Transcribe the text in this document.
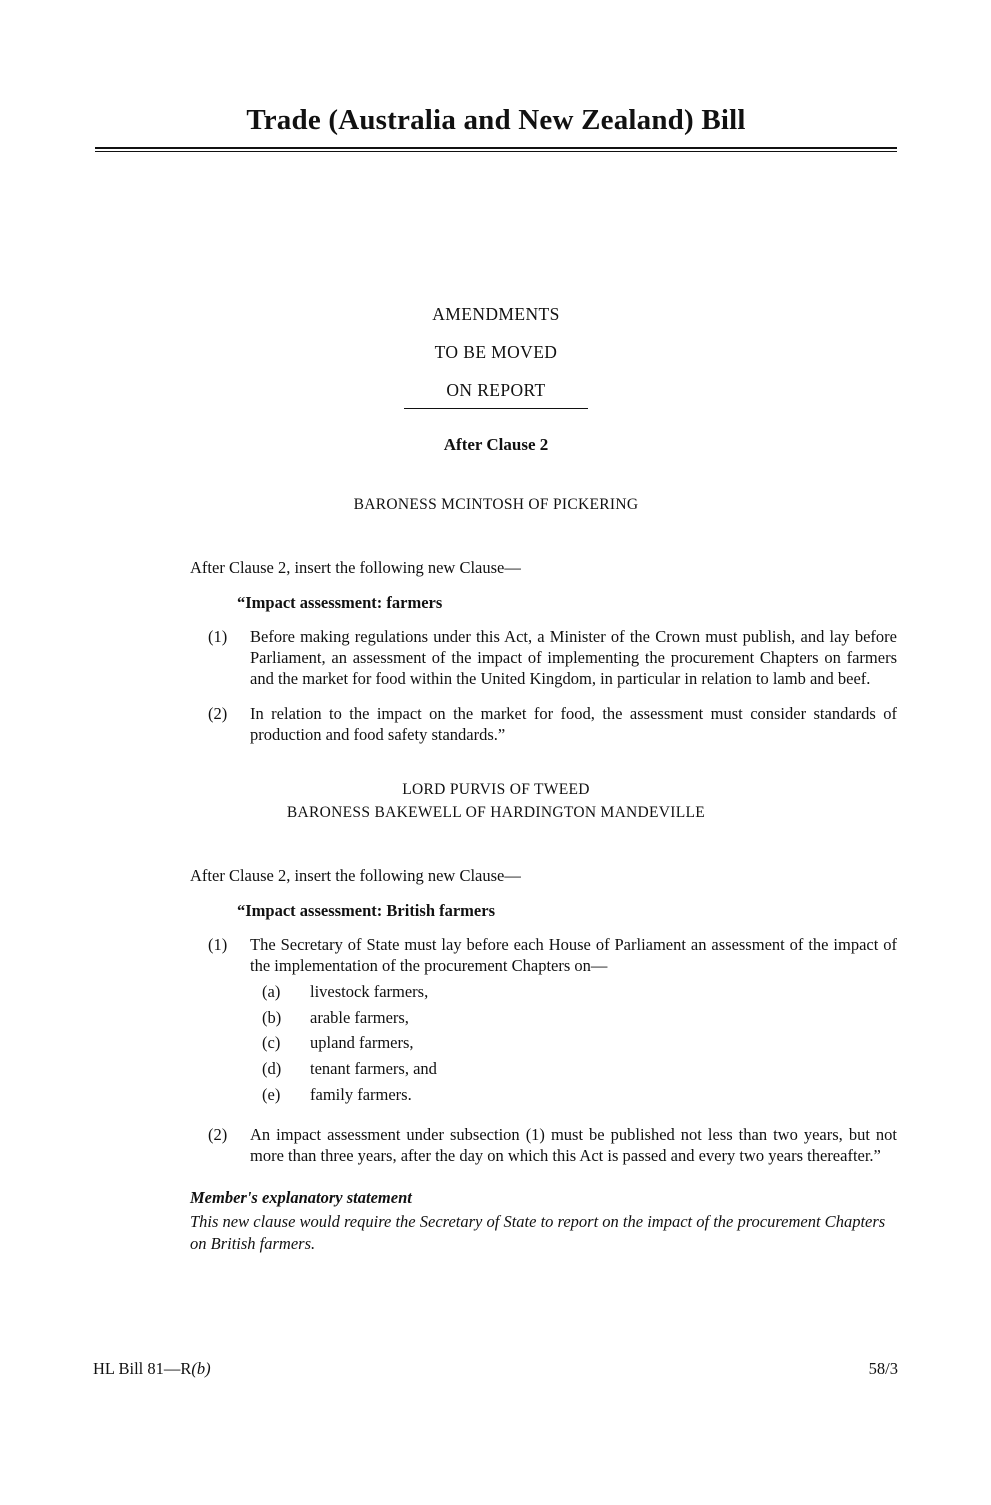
Trade (Australia and New Zealand) Bill
AMENDMENTS
TO BE MOVED
ON REPORT
After Clause 2
BARONESS MCINTOSH OF PICKERING

After Clause 2, insert the following new Clause—

“Impact assessment: farmers

(1)	Before making regulations under this Act, a Minister of the Crown must publish, and lay before Parliament, an assessment of the impact of implementing the procurement Chapters on farmers and the market for food within the United Kingdom, in particular in relation to lamb and beef.
(2)	In relation to the impact on the market for food, the assessment must consider standards of production and food safety standards.”
LORD PURVIS OF TWEED
BARONESS BAKEWELL OF HARDINGTON MANDEVILLE

After Clause 2, insert the following new Clause—

“Impact assessment: British farmers

(1)	The Secretary of State must lay before each House of Parliament an assessment of the impact of the implementation of the procurement Chapters on—
(a)	livestock farmers,
(b)	arable farmers,
(c)	upland farmers,
(d)	tenant farmers, and
(e)	family farmers.
(2)	An impact assessment under subsection (1) must be published not less than two years, but not more than three years, after the day on which this Act is passed and every two years thereafter.”
Member's explanatory statement
This new clause would require the Secretary of State to report on the impact of the procurement Chapters on British farmers.
HL Bill 81—R(b)	58/3
